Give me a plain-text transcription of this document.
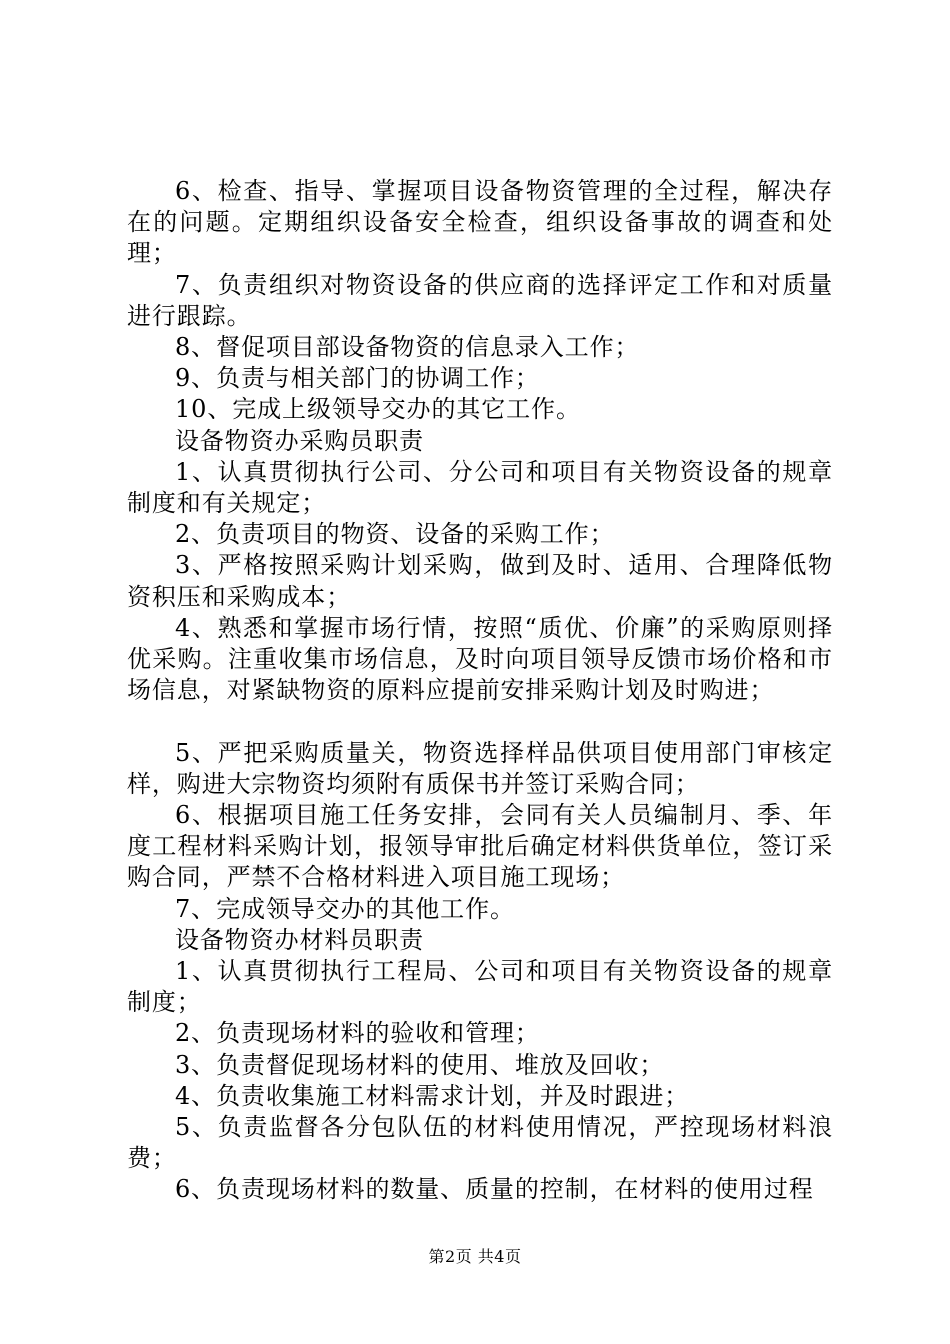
6、检查、指导、掌握项目设备物资管理的全过程，解决存在的问题。定期组织设备安全检查，组织设备事故的调查和处理；

7、负责组织对物资设备的供应商的选择评定工作和对质量进行跟踪。

8、督促项目部设备物资的信息录入工作；

9、负责与相关部门的协调工作；

10、完成上级领导交办的其它工作。

设备物资办采购员职责

1、认真贯彻执行公司、分公司和项目有关物资设备的规章制度和有关规定；

2、负责项目的物资、设备的采购工作；

3、严格按照采购计划采购，做到及时、适用、合理降低物资积压和采购成本；

4、熟悉和掌握市场行情，按照“质优、价廉”的采购原则择优采购。注重收集市场信息，及时向项目领导反馈市场价格和市场信息，对紧缺物资的原料应提前安排采购计划及时购进；

5、严把采购质量关，物资选择样品供项目使用部门审核定样，购进大宗物资均须附有质保书并签订采购合同；

6、根据项目施工任务安排，会同有关人员编制月、季、年度工程材料采购计划，报领导审批后确定材料供货单位，签订采购合同，严禁不合格材料进入项目施工现场；

7、完成领导交办的其他工作。

设备物资办材料员职责

1、认真贯彻执行工程局、公司和项目有关物资设备的规章制度；

2、负责现场材料的验收和管理；

3、负责督促现场材料的使用、堆放及回收；

4、负责收集施工材料需求计划，并及时跟进；

5、负责监督各分包队伍的材料使用情况，严控现场材料浪费；

6、负责现场材料的数量、质量的控制，在材料的使用过程

第2页 共4页
